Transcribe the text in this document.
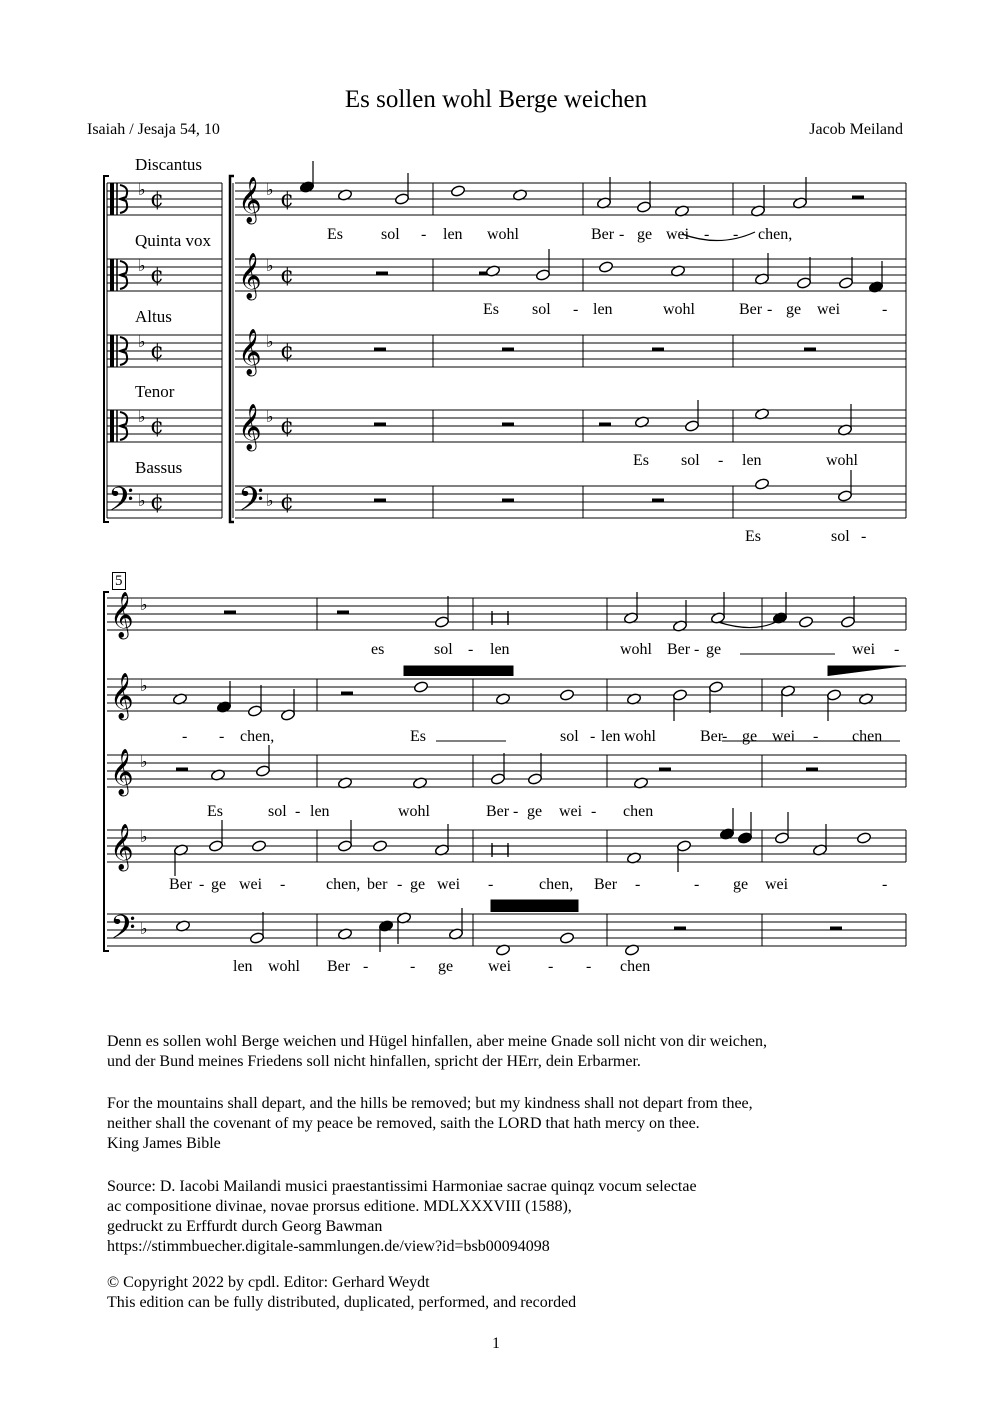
Es sollen wohl Berge weichen
Isaiah / Jesaja 54, 10	Jacob Meiland
Discantus
Quinta vox
Altus
Tenor
Bassus
♭ ¢ 𝄞 ♭ ¢
♭ ¢ 𝄞 ♭ ¢
♭ ¢ 𝄞 ♭ ¢
♭ ¢ 𝄞 ♭ ¢
𝄢 ♭ ¢ 𝄢 ♭ ¢
𝄞 ♭
𝄞 ♭
𝄞 ♭
𝄞 ♭
𝄢 ♭
5
Es sol - len wohl	Ber - ge wei - - chen,
Es sol - len	wohl	Ber - ge wei	-
Es sol - len	wohl
Es	sol -
es	sol - len	wohl Ber - ge	wei -
- - chen,	Es	sol - len wohl	Ber
- ge wei - chen
Es	sol - len	wohl	Ber - ge wei - chen
Ber - ge wei -	chen, ber - ge wei -	chen, Ber -	- ge wei	-
len wohl Ber -	- ge wei - - chen
Denn es sollen wohl Berge weichen und Hügel hinfallen, aber meine Gnade soll nicht von dir weichen,
und der Bund meines Friedens soll nicht hinfallen, spricht der HErr, dein Erbarmer.
For the mountains shall depart, and the hills be removed; but my kindness shall not depart from thee,
neither shall the covenant of my peace be removed, saith the LORD that hath mercy on thee.
King James Bible
Source: D. Iacobi Mailandi musici praestantissimi Harmoniae sacrae quinqz vocum selectae
ac compositione divinae, novae prorsus editione. MDLXXXVIII (1588),
gedruckt zu Erffurdt durch Georg Bawman
https://stimmbuecher.digitale-sammlungen.de/view?id=bsb00094098
© Copyright 2022 by cpdl. Editor: Gerhard Weydt
This edition can be fully distributed, duplicated, performed, and recorded
1
